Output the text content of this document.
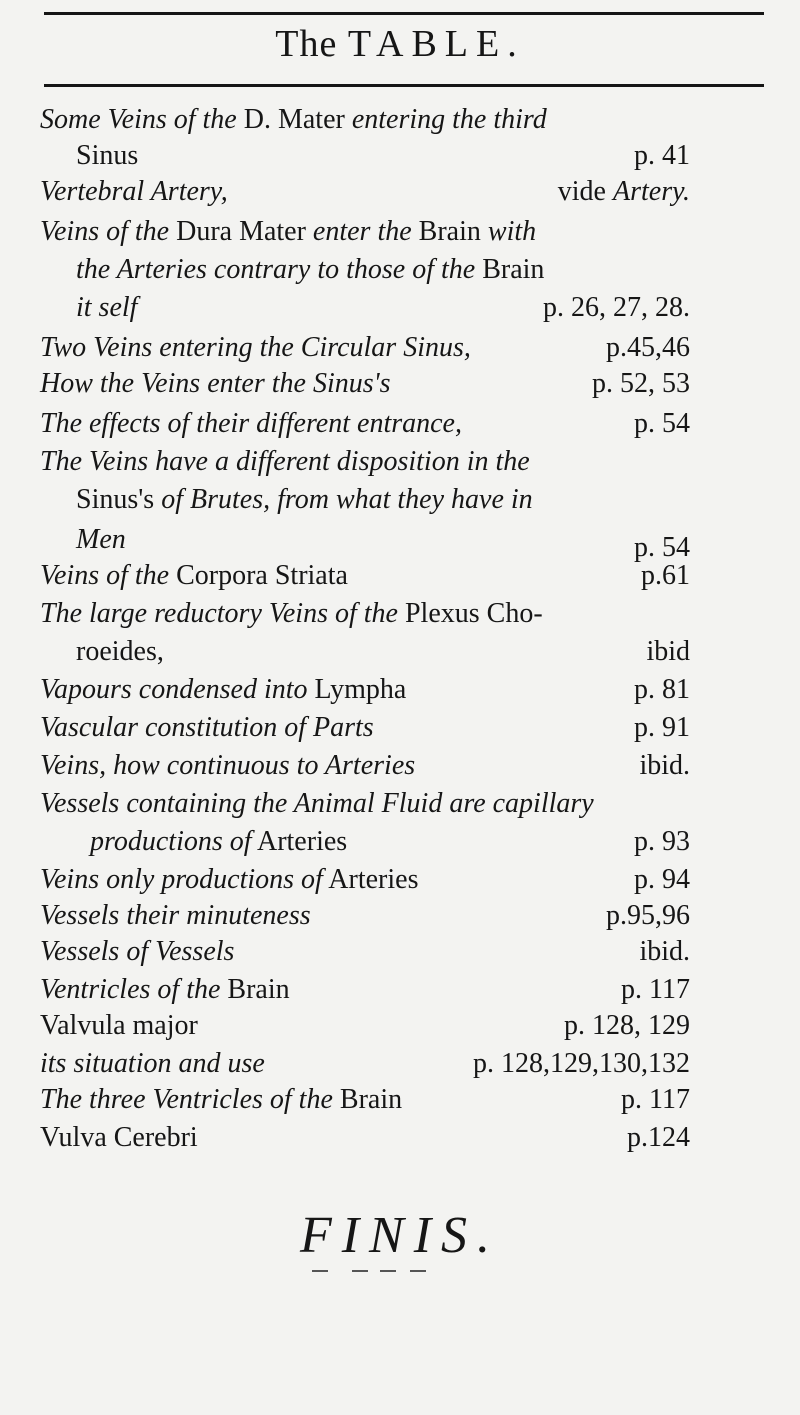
The TABLE.
Some Veins of the D. Mater entering the third
Sinus	p. 41
Vertebral Artery,	vide Artery.
Veins of the Dura Mater enter the Brain with
the Arteries contrary to those of the Brain
it self	p. 26, 27, 28.
Two Veins entering the Circular Sinus,	p.45,46
How the Veins enter the Sinus's	p. 52, 53
The effects of their different entrance,	p. 54
The Veins have a different disposition in the
Sinus's of Brutes, from what they have in
Men	p. 54
Veins of the Corpora Striata	p.61
The large reductory Veins of the Plexus Cho-
roeides,	ibid
Vapours condensed into Lympha	p. 81
Vascular constitution of Parts	p. 91
Veins, how continuous to Arteries	ibid.
Vessels containing the Animal Fluid are capillary
productions of Arteries	p. 93
Veins only productions of Arteries	p. 94
Vessels their minuteness	p.95,96
Vessels of Vessels	ibid.
Ventricles of the Brain	p. 117
Valvula major	p. 128, 129
its situation and use	p. 128,129,130,132
The three Ventricles of the Brain	p. 117
Vulva Cerebri	p.124
FINIS.
